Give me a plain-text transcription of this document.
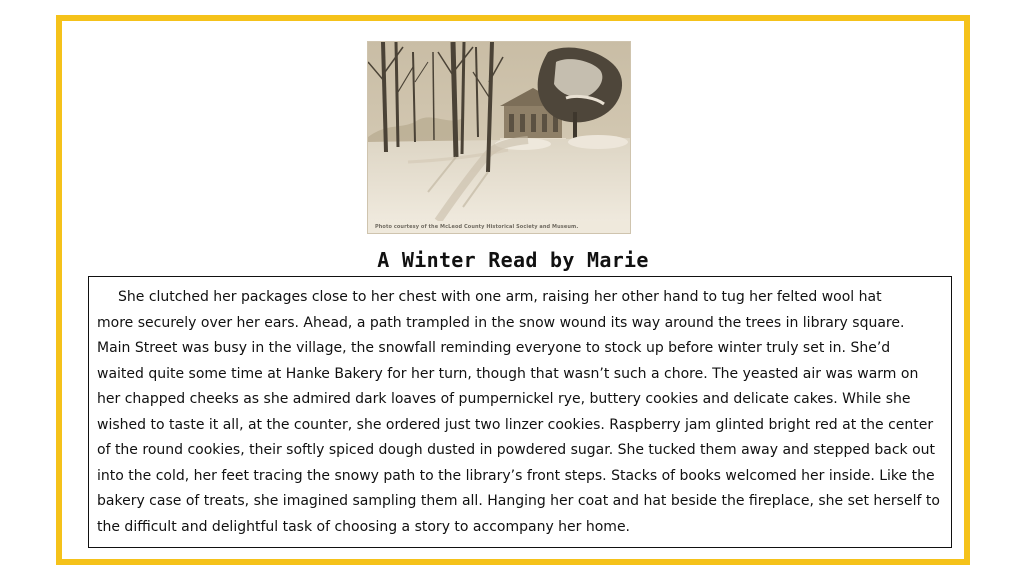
Photo courtesy of the McLeod County Historical Society and Museum.
A Winter Read by Marie

She clutched her packages close to her chest with one arm, raising her other hand to tug her felted wool hat
more securely over her ears. Ahead, a path trampled in the snow wound its way around the trees in library square.
Main Street was busy in the village, the snowfall reminding everyone to stock up before winter truly set in. She’d
waited quite some time at Hanke Bakery for her turn, though that wasn’t such a chore. The yeasted air was warm on
her chapped cheeks as she admired dark loaves of pumpernickel rye, buttery cookies and delicate cakes. While she
wished to taste it all, at the counter, she ordered just two linzer cookies. Raspberry jam glinted bright red at the center
of the round cookies, their softly spiced dough dusted in powdered sugar. She tucked them away and stepped back out
into the cold, her feet tracing the snowy path to the library’s front steps. Stacks of books welcomed her inside. Like the
bakery case of treats, she imagined sampling them all. Hanging her coat and hat beside the fireplace, she set herself to
the difficult and delightful task of choosing a story to accompany her home.
